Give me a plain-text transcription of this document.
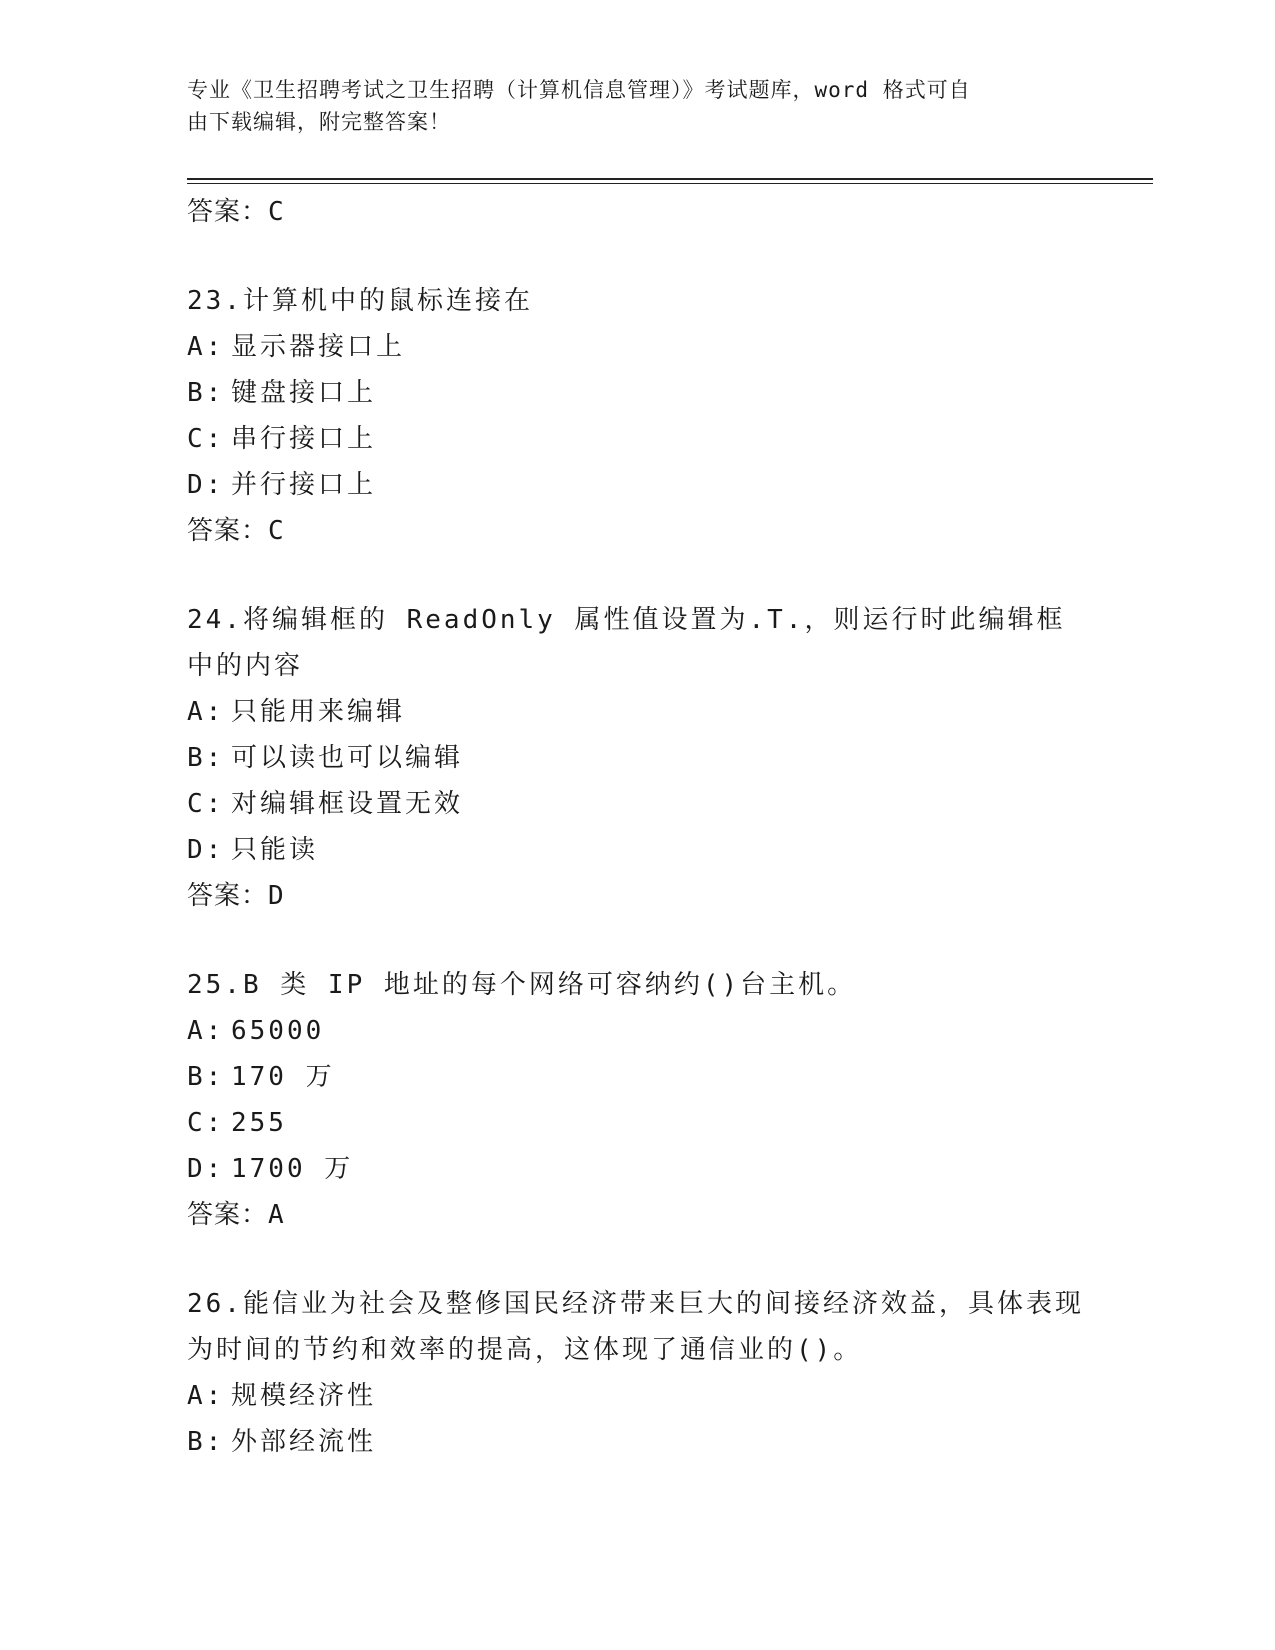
专业《卫生招聘考试之卫生招聘（计算机信息管理）》考试题库，word 格式可自
由下载编辑，附完整答案！
答案：C
23.计算机中的鼠标连接在
A: 显示器接口上
B: 键盘接口上
C: 串行接口上
D: 并行接口上
答案：C
24.将编辑框的 ReadOnly 属性值设置为.T.，则运行时此编辑框中的内容
A: 只能用来编辑
B: 可以读也可以编辑
C: 对编辑框设置无效
D: 只能读
答案：D
25.B 类 IP 地址的每个网络可容纳约()台主机。
A: 65000
B: 170 万
C: 255
D: 1700 万
答案：A
26.能信业为社会及整修国民经济带来巨大的间接经济效益，具体表现为时间的节约和效率的提高，这体现了通信业的()。
A: 规模经济性
B: 外部经流性
